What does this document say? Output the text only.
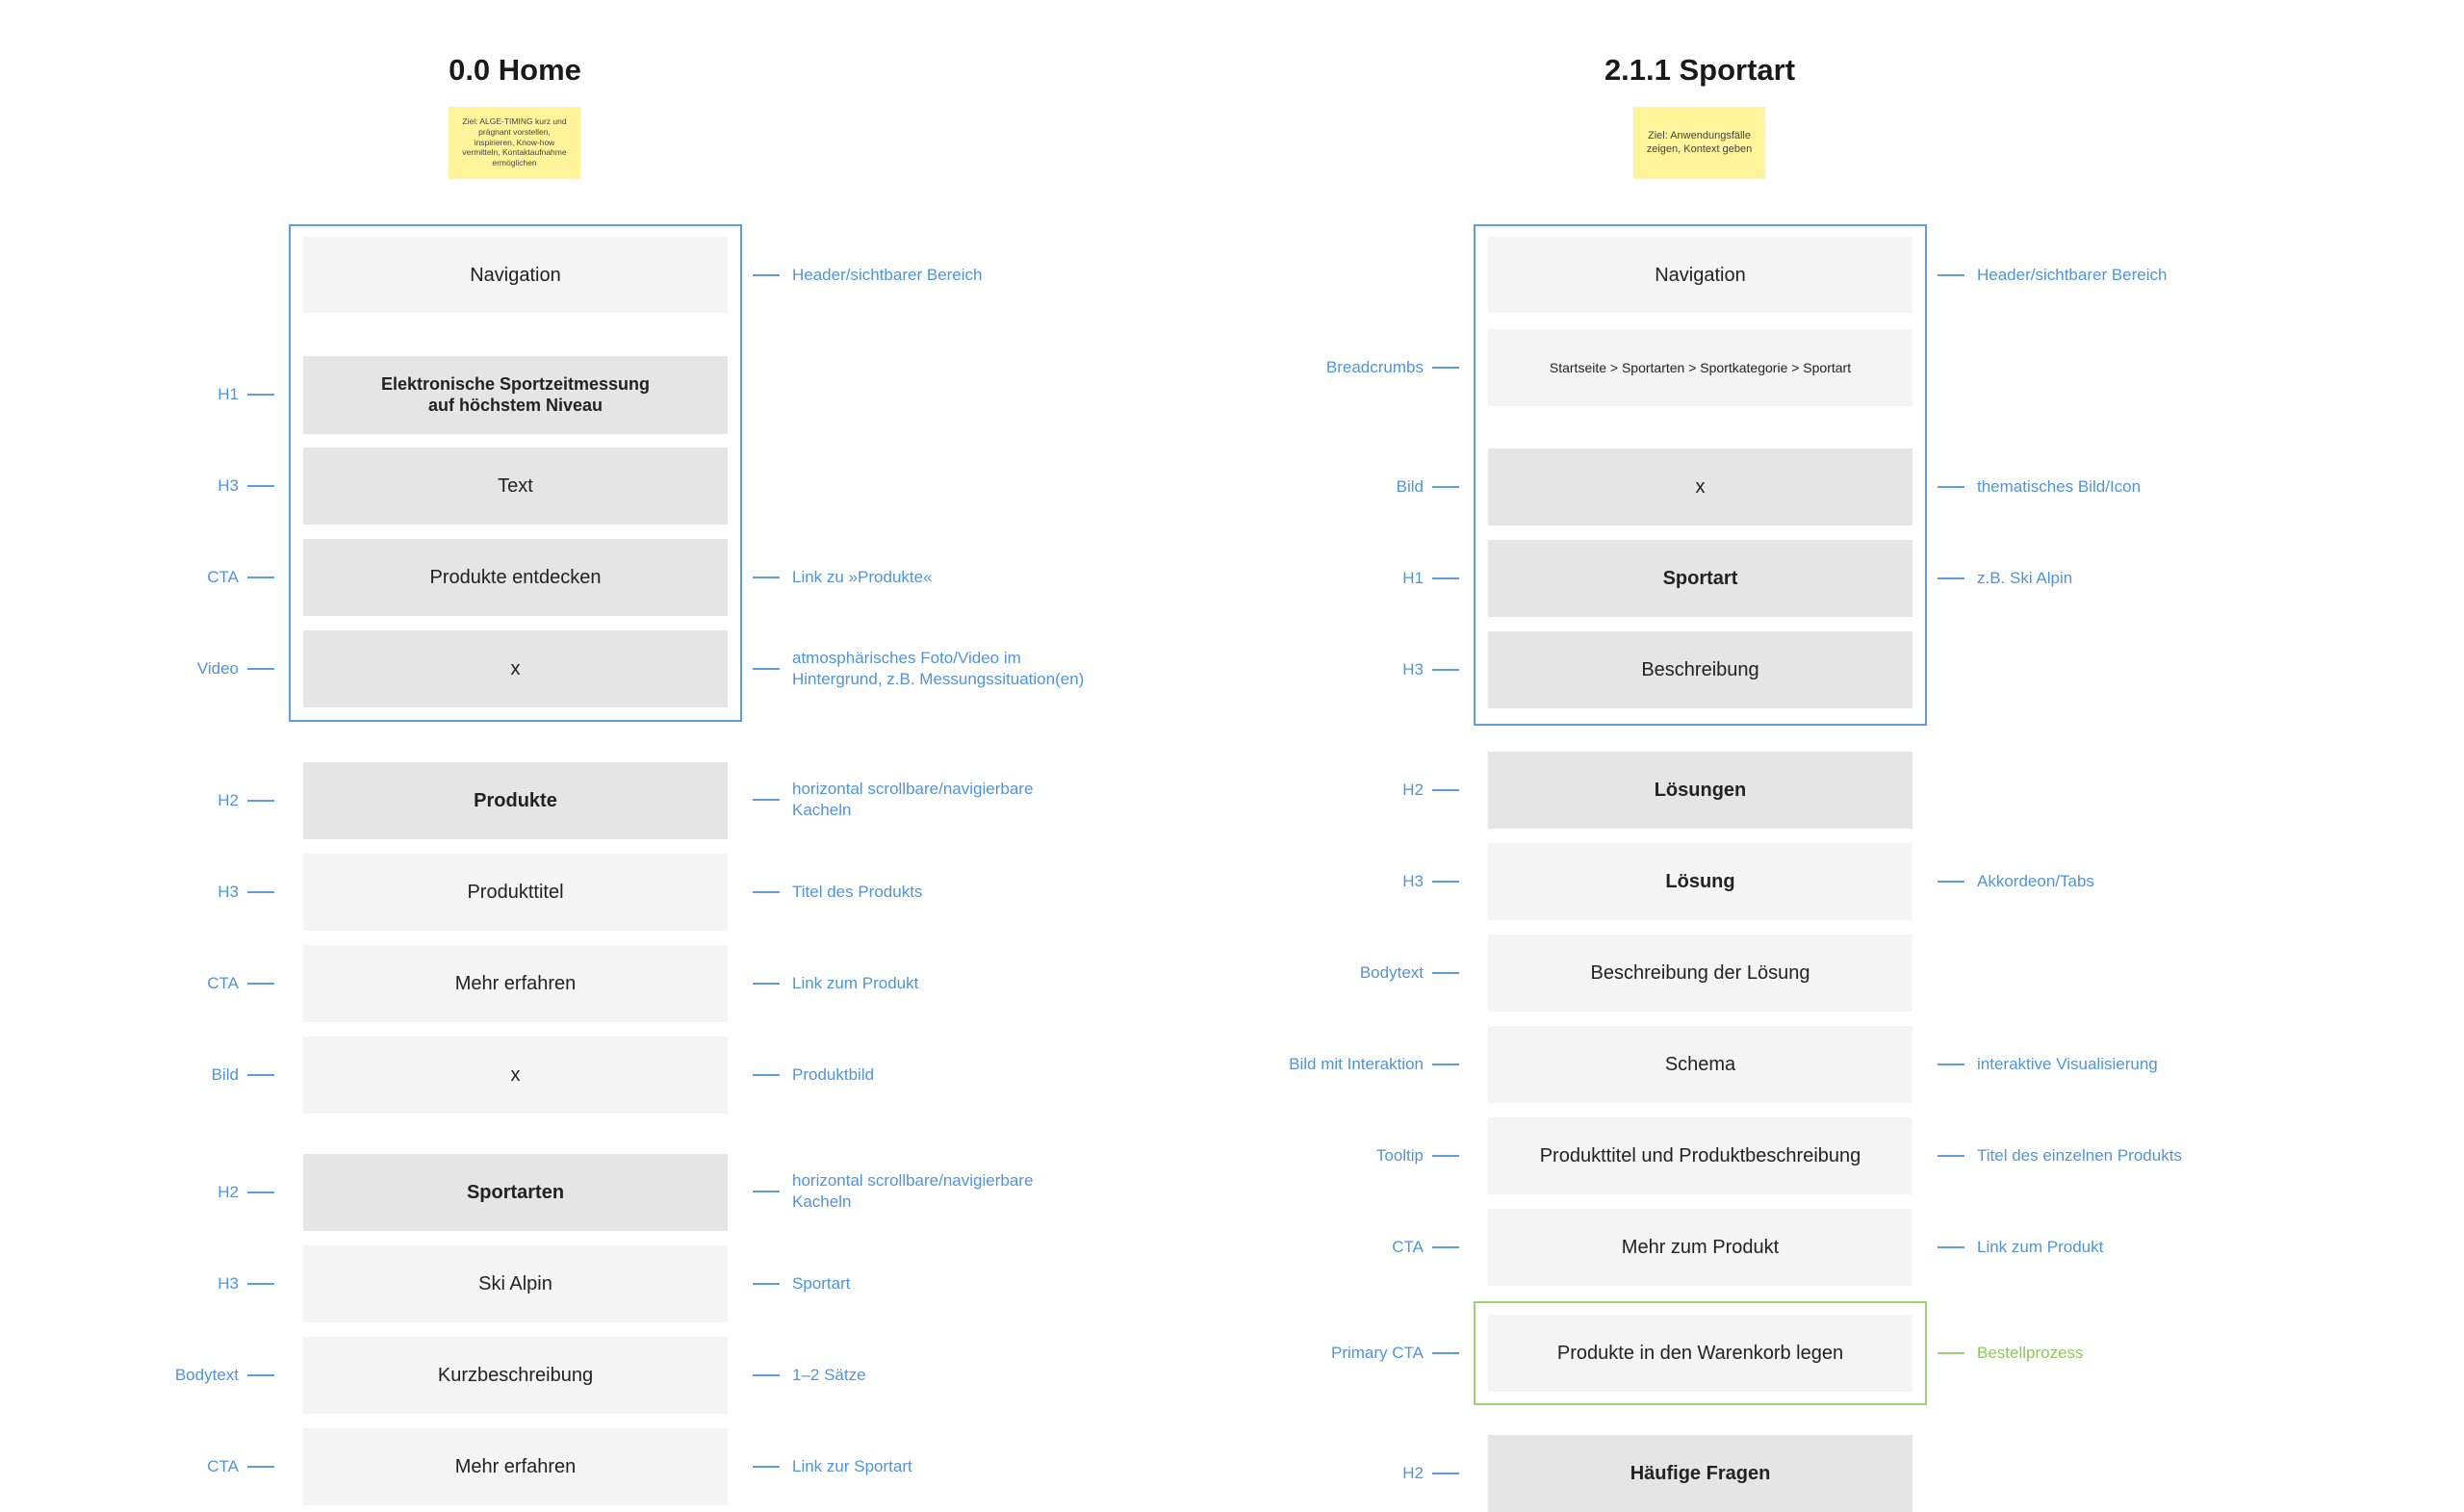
0.0 Home
Ziel: ALGE-TIMING kurz und prägnant vorstellen, inspirieren, Know-how vermitteln, Kontaktaufnahme ermöglichen
Navigation
Elektronische Sportzeitmessung
auf höchstem Niveau
Text
Produkte entdecken
x
Produkte
Produkttitel
Mehr erfahren
x
Sportarten
Ski Alpin
Kurzbeschreibung
Mehr erfahren
H1
H3
CTA
Video
H2
H3
CTA
Bild
H2
H3
Bodytext
CTA
Header/sichtbarer Bereich
Link zu »Produkte«
atmosphärisches Foto/Video im
Hintergrund, z.B. Messungssituation(en)
horizontal scrollbare/navigierbare
Kacheln
Titel des Produkts
Link zum Produkt
Produktbild
horizontal scrollbare/navigierbare
Kacheln
Sportart
1–2 Sätze
Link zur Sportart
2.1.1 Sportart
Ziel: Anwendungsfälle zeigen, Kontext geben
Navigation
Startseite > Sportarten > Sportkategorie > Sportart
x
Sportart
Beschreibung
Lösungen
Lösung
Beschreibung der Lösung
Schema
Produkttitel und Produktbeschreibung
Mehr zum Produkt
Produkte in den Warenkorb legen
Häufige Fragen
Breadcrumbs
Bild
H1
H3
H2
H3
Bodytext
Bild mit Interaktion
Tooltip
CTA
Primary CTA
H2
Header/sichtbarer Bereich
thematisches Bild/Icon
z.B. Ski Alpin
Akkordeon/Tabs
interaktive Visualisierung
Titel des einzelnen Produkts
Link zum Produkt
Bestellprozess
